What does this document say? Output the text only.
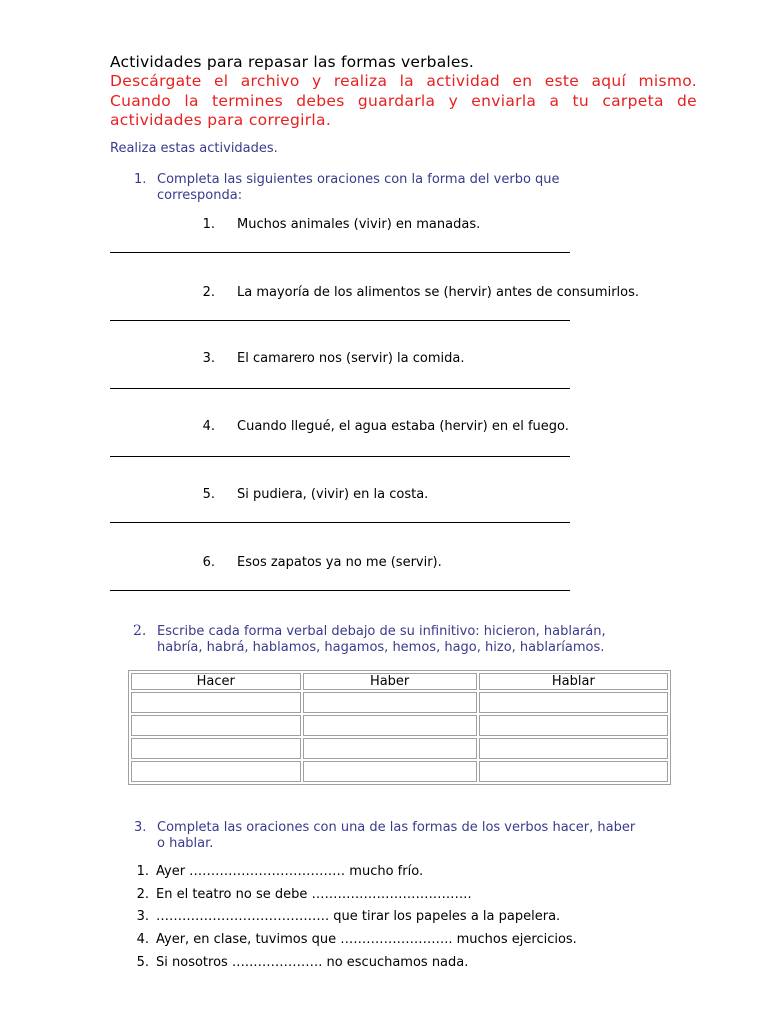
Actividades para repasar las formas verbales.
Descárgate el archivo y realiza la actividad en este aquí mismo.
Cuando la termines debes guardarla y enviarla a tu carpeta de
actividades para corregirla.
Realiza estas actividades.
1. Completa las siguientes oraciones con la forma del verbo que
corresponda:
1. Muchos animales (vivir) en manadas.
2. La mayoría de los alimentos se (hervir) antes de consumirlos.
3. El camarero nos (servir) la comida.
4. Cuando llegué, el agua estaba (hervir) en el fuego.
5. Si pudiera, (vivir) en la costa.
6. Esos zapatos ya no me (servir).
2. Escribe cada forma verbal debajo de su infinitivo: hicieron, hablarán,
habría, habrá, hablamos, hagamos, hemos, hago, hizo, hablaríamos.
Hacer	Haber	Hablar

3. Completa las oraciones con una de las formas de los verbos hacer, haber
o hablar.
1. Ayer ……………………………… mucho frío.
2. En el teatro no se debe ……………………………….
3. …………………………………. que tirar los papeles a la papelera.
4. Ayer, en clase, tuvimos que …………………….. muchos ejercicios.
5. Si nosotros …..……………. no escuchamos nada.
